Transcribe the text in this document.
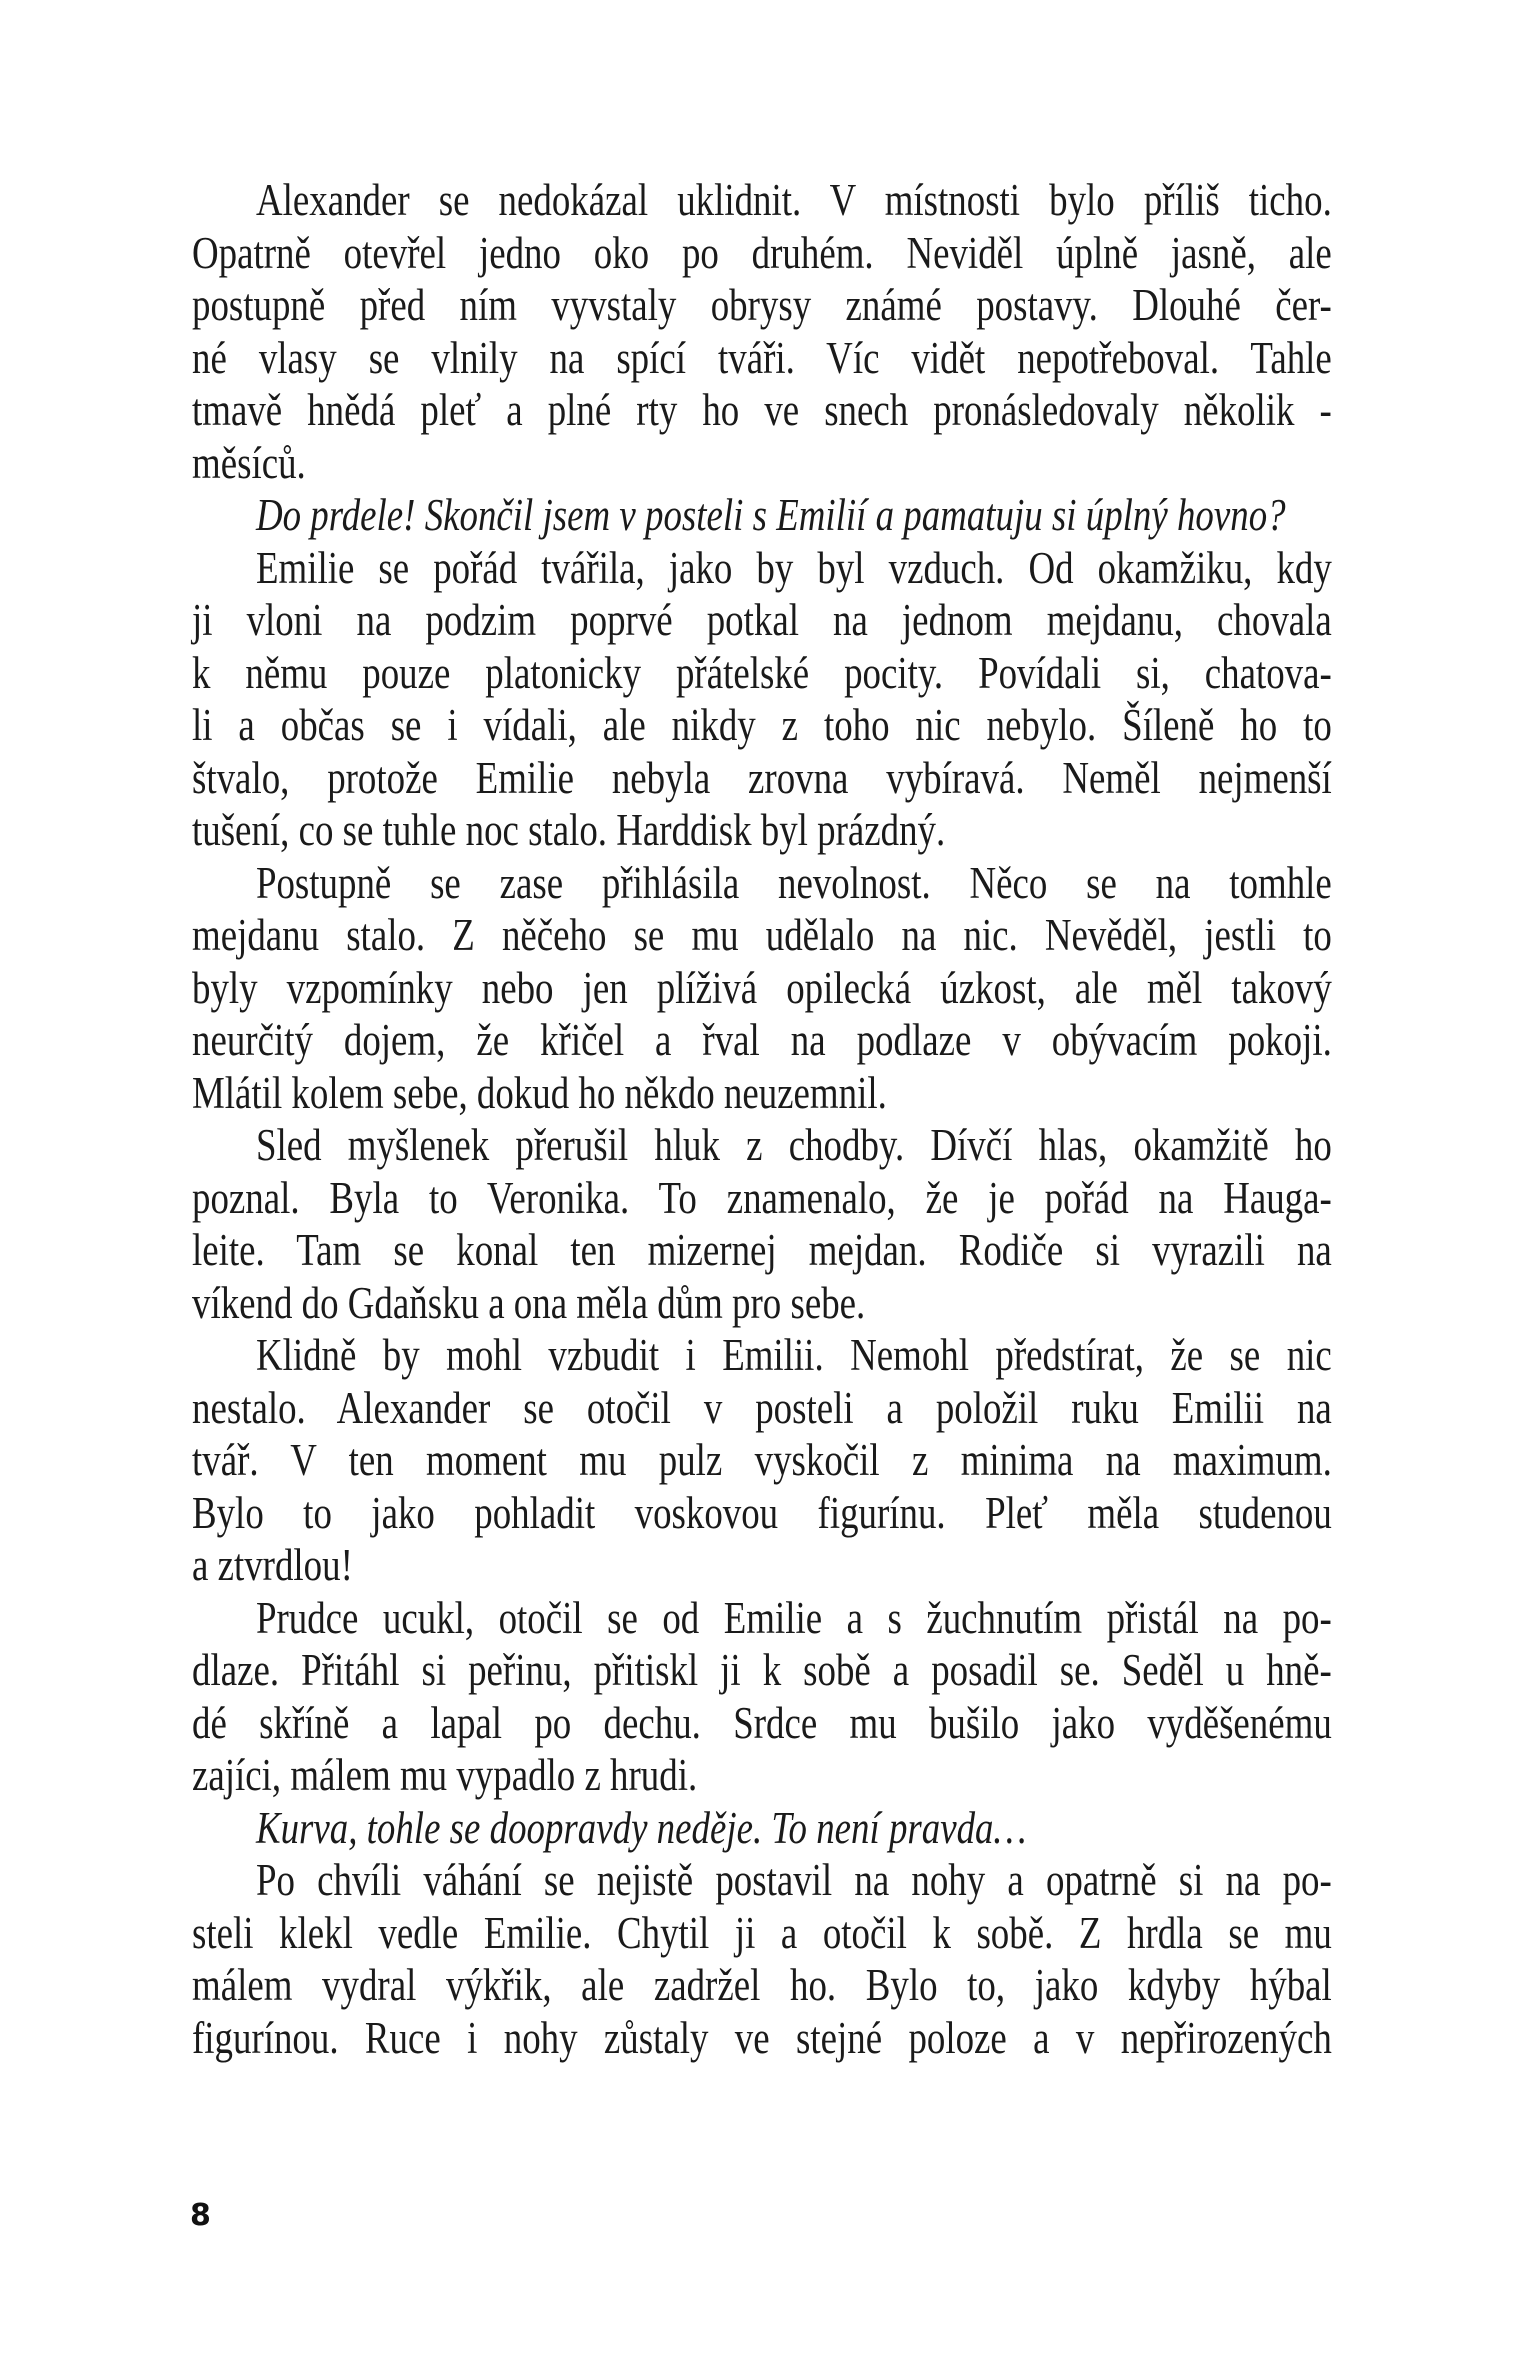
Alexander se nedokázal uklidnit. V místnosti bylo příliš ticho.
Opatrně otevřel jedno oko po druhém. Neviděl úplně jasně, ale
postupně před ním vyvstaly obrysy známé postavy. Dlouhé čer-
né vlasy se vlnily na spící tváři. Víc vidět nepotřeboval. Tahle
tmavě hnědá pleť a plné rty ho ve snech pronásledovaly několik -
měsíců.
Do prdele! Skončil jsem v posteli s Emilií a pamatuju si úplný hovno?
Emilie se pořád tvářila, jako by byl vzduch. Od okamžiku, kdy
ji vloni na podzim poprvé potkal na jednom mejdanu, chovala
k němu pouze platonicky přátelské pocity. Povídali si, chatova-
li a občas se i vídali, ale nikdy z toho nic nebylo. Šíleně ho to
štvalo, protože Emilie nebyla zrovna vybíravá. Neměl nejmenší
tušení, co se tuhle noc stalo. Harddisk byl prázdný.
Postupně se zase přihlásila nevolnost. Něco se na tomhle
mejdanu stalo. Z něčeho se mu udělalo na nic. Nevěděl, jestli to
byly vzpomínky nebo jen plíživá opilecká úzkost, ale měl takový
neurčitý dojem, že křičel a řval na podlaze v obývacím pokoji.
Mlátil kolem sebe, dokud ho někdo neuzemnil.
Sled myšlenek přerušil hluk z chodby. Dívčí hlas, okamžitě ho
poznal. Byla to Veronika. To znamenalo, že je pořád na Hauga-
leite. Tam se konal ten mizernej mejdan. Rodiče si vyrazili na
víkend do Gdaňsku a ona měla dům pro sebe.
Klidně by mohl vzbudit i Emilii. Nemohl předstírat, že se nic
nestalo. Alexander se otočil v posteli a položil ruku Emilii na
tvář. V ten moment mu pulz vyskočil z minima na maximum.
Bylo to jako pohladit voskovou figurínu. Pleť měla studenou
a ztvrdlou!
Prudce ucukl, otočil se od Emilie a s žuchnutím přistál na po-
dlaze. Přitáhl si peřinu, přitiskl ji k sobě a posadil se. Seděl u hně-
dé skříně a lapal po dechu. Srdce mu bušilo jako vyděšenému
zajíci, málem mu vypadlo z hrudi.
Kurva, tohle se doopravdy neděje. To není pravda…
Po chvíli váhání se nejistě postavil na nohy a opatrně si na po-
steli klekl vedle Emilie. Chytil ji a otočil k sobě. Z hrdla se mu
málem vydral výkřik, ale zadržel ho. Bylo to, jako kdyby hýbal
figurínou. Ruce i nohy zůstaly ve stejné poloze a v nepřirozených
8
